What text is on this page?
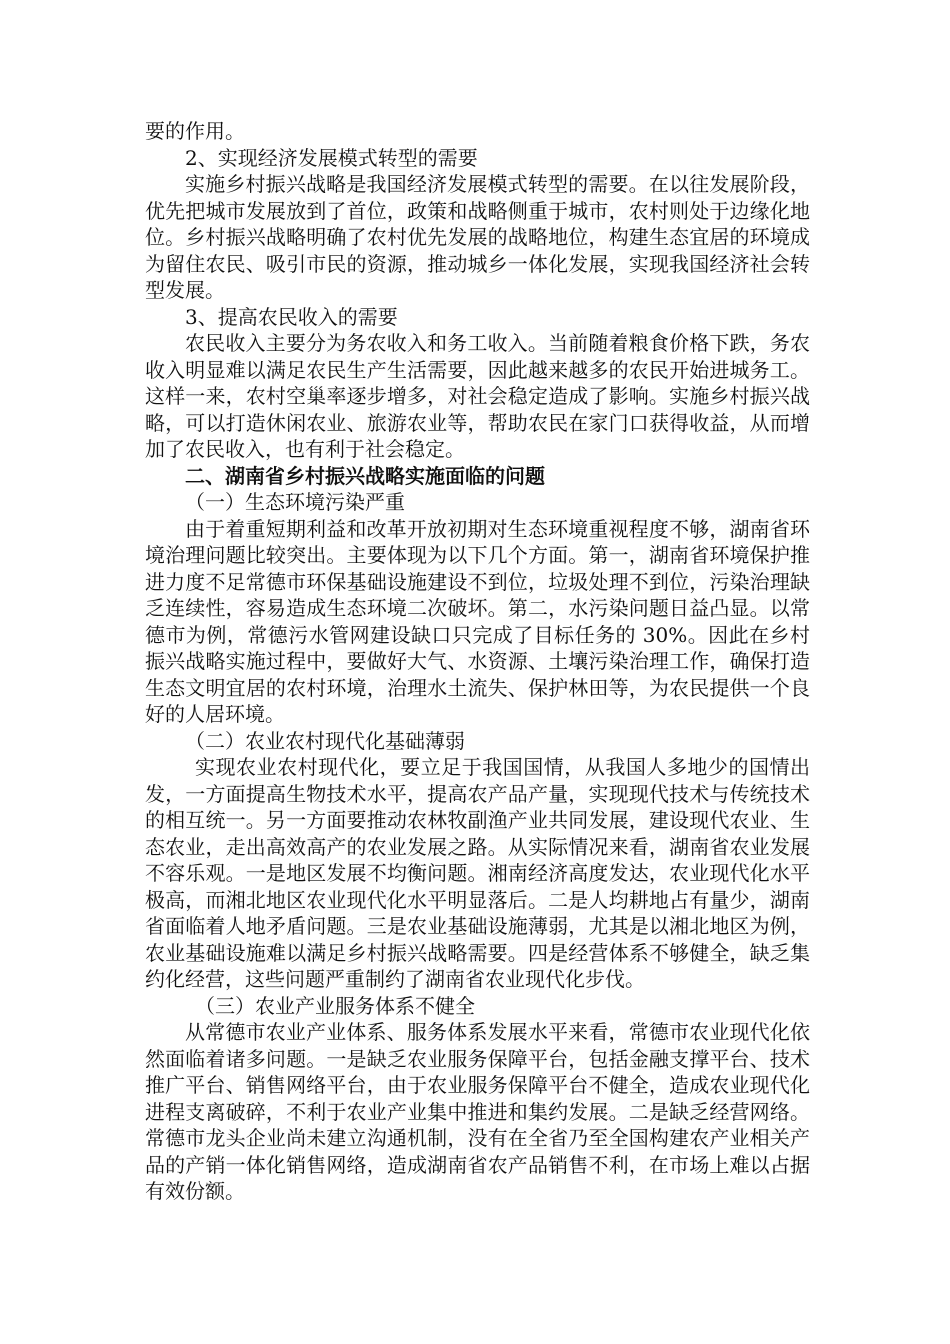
要的作用。

2、实现经济发展模式转型的需要

实施乡村振兴战略是我国经济发展模式转型的需要。在以往发展阶段，优先把城市发展放到了首位，政策和战略侧重于城市，农村则处于边缘化地位。乡村振兴战略明确了农村优先发展的战略地位，构建生态宜居的环境成为留住农民、吸引市民的资源，推动城乡一体化发展，实现我国经济社会转型发展。

3、提高农民收入的需要

农民收入主要分为务农收入和务工收入。当前随着粮食价格下跌，务农收入明显难以满足农民生产生活需要，因此越来越多的农民开始进城务工。这样一来，农村空巢率逐步增多，对社会稳定造成了影响。实施乡村振兴战略，可以打造休闲农业、旅游农业等，帮助农民在家门口获得收益，从而增加了农民收入，也有利于社会稳定。

二、湖南省乡村振兴战略实施面临的问题

（一）生态环境污染严重

由于着重短期利益和改革开放初期对生态环境重视程度不够，湖南省环境治理问题比较突出。主要体现为以下几个方面。第一，湖南省环境保护推进力度不足常德市环保基础设施建设不到位，垃圾处理不到位，污染治理缺乏连续性，容易造成生态环境二次破坏。第二，水污染问题日益凸显。以常德市为例，常德污水管网建设缺口只完成了目标任务的 30%。因此在乡村振兴战略实施过程中，要做好大气、水资源、土壤污染治理工作，确保打造生态文明宜居的农村环境，治理水土流失、保护林田等，为农民提供一个良好的人居环境。

（二）农业农村现代化基础薄弱

实现农业农村现代化，要立足于我国国情，从我国人多地少的国情出发，一方面提高生物技术水平，提高农产品产量，实现现代技术与传统技术的相互统一。另一方面要推动农林牧副渔产业共同发展，建设现代农业、生态农业，走出高效高产的农业发展之路。从实际情况来看，湖南省农业发展不容乐观。一是地区发展不均衡问题。湘南经济高度发达，农业现代化水平极高，而湘北地区农业现代化水平明显落后。二是人均耕地占有量少，湖南省面临着人地矛盾问题。三是农业基础设施薄弱，尤其是以湘北地区为例，农业基础设施难以满足乡村振兴战略需要。四是经营体系不够健全，缺乏集约化经营，这些问题严重制约了湖南省农业现代化步伐。

（三）农业产业服务体系不健全

从常德市农业产业体系、服务体系发展水平来看，常德市农业现代化依然面临着诸多问题。一是缺乏农业服务保障平台，包括金融支撑平台、技术推广平台、销售网络平台，由于农业服务保障平台不健全，造成农业现代化进程支离破碎，不利于农业产业集中推进和集约发展。二是缺乏经营网络。常德市龙头企业尚未建立沟通机制，没有在全省乃至全国构建农产业相关产品的产销一体化销售网络，造成湖南省农产品销售不利，在市场上难以占据有效份额。
